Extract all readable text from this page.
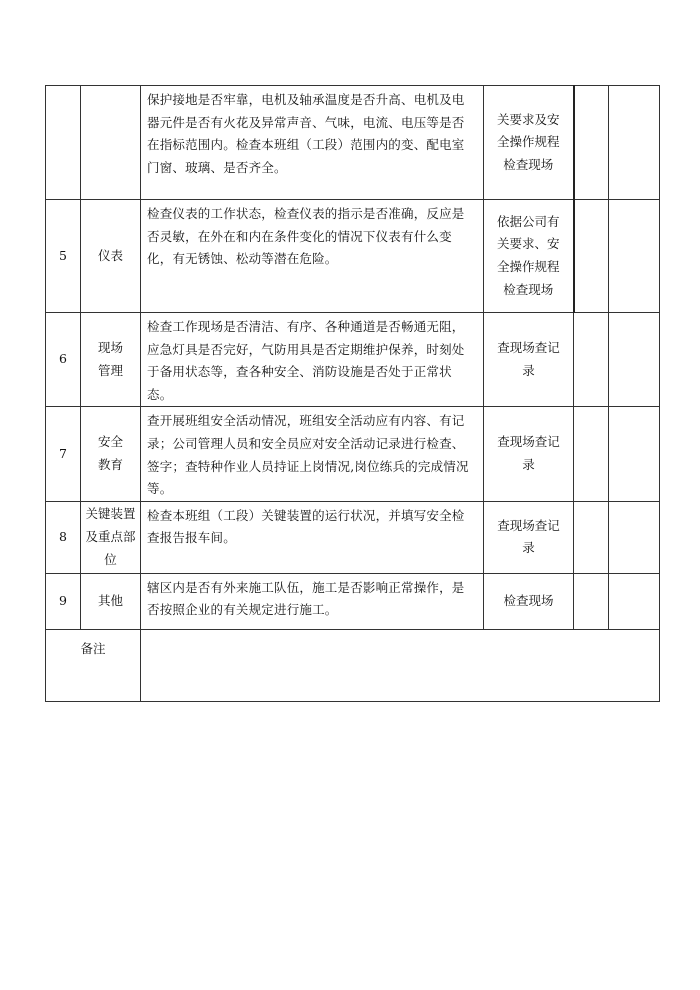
		保护接地是否牢靠，电机及轴承温度是否升高、电机及电器元件是否有火花及异常声音、气味，电流、电压等是否在指标范围内。检查本班组（工段）范围内的变、配电室门窗、玻璃、是否齐全。	关要求及安全操作规程检查现场		
5	仪表	检查仪表的工作状态，检查仪表的指示是否准确，反应是否灵敏，在外在和内在条件变化的情况下仪表有什么变化，有无锈蚀、松动等潜在危险。	依据公司有关要求、安全操作规程检查现场		
6	现场管理	检查工作现场是否清洁、有序、各种通道是否畅通无阻，应急灯具是否完好，气防用具是否定期维护保养，时刻处于备用状态等，查各种安全、消防设施是否处于正常状态。	查现场查记录		
7	安全教育	查开展班组安全活动情况，班组安全活动应有内容、有记录；公司管理人员和安全员应对安全活动记录进行检查、签字；查特种作业人员持证上岗情况,岗位练兵的完成情况等。	查现场查记录		
8	关键装置及重点部位	检查本班组（工段）关键装置的运行状况，并填写安全检查报告报车间。	查现场查记录		
9	其他	辖区内是否有外来施工队伍，施工是否影响正常操作，是否按照企业的有关规定进行施工。	检查现场		
备注					
